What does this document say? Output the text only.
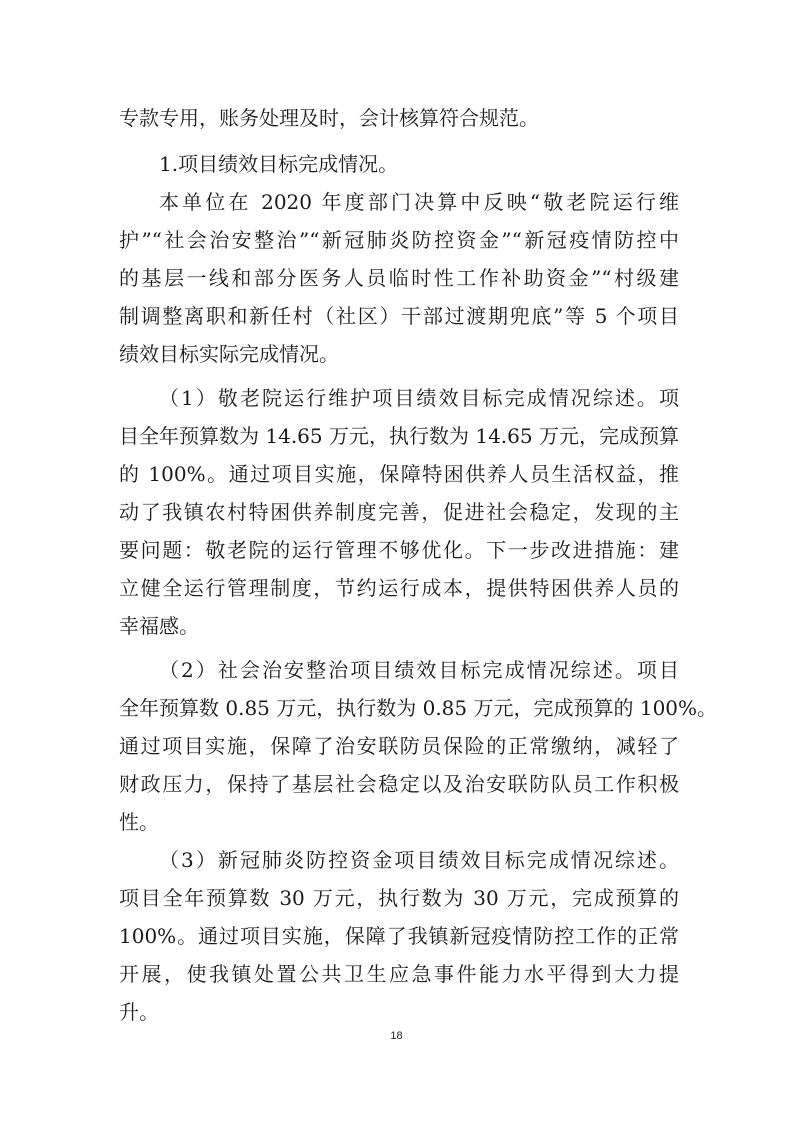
专款专用，账务处理及时，会计核算符合规范。
1.项目绩效目标完成情况。
本单位在 2020 年度部门决算中反映“敬老院运行维
护”“社会治安整治”“新冠肺炎防控资金”“新冠疫情防控中
的基层一线和部分医务人员临时性工作补助资金”“村级建
制调整离职和新任村（社区）干部过渡期兜底”等 5 个项目
绩效目标实际完成情况。
（1）敬老院运行维护项目绩效目标完成情况综述。项
目全年预算数为 14.65 万元，执行数为 14.65 万元，完成预算
的 100%。通过项目实施，保障特困供养人员生活权益，推
动了我镇农村特困供养制度完善，促进社会稳定，发现的主
要问题：敬老院的运行管理不够优化。下一步改进措施：建
立健全运行管理制度，节约运行成本，提供特困供养人员的
幸福感。
（2）社会治安整治项目绩效目标完成情况综述。项目
全年预算数 0.85 万元，执行数为 0.85 万元，完成预算的 100%。
通过项目实施，保障了治安联防员保险的正常缴纳，减轻了
财政压力，保持了基层社会稳定以及治安联防队员工作积极
性。
（3）新冠肺炎防控资金项目绩效目标完成情况综述。
项目全年预算数 30 万元，执行数为 30 万元，完成预算的
100%。通过项目实施，保障了我镇新冠疫情防控工作的正常
开展，使我镇处置公共卫生应急事件能力水平得到大力提
升。
18
